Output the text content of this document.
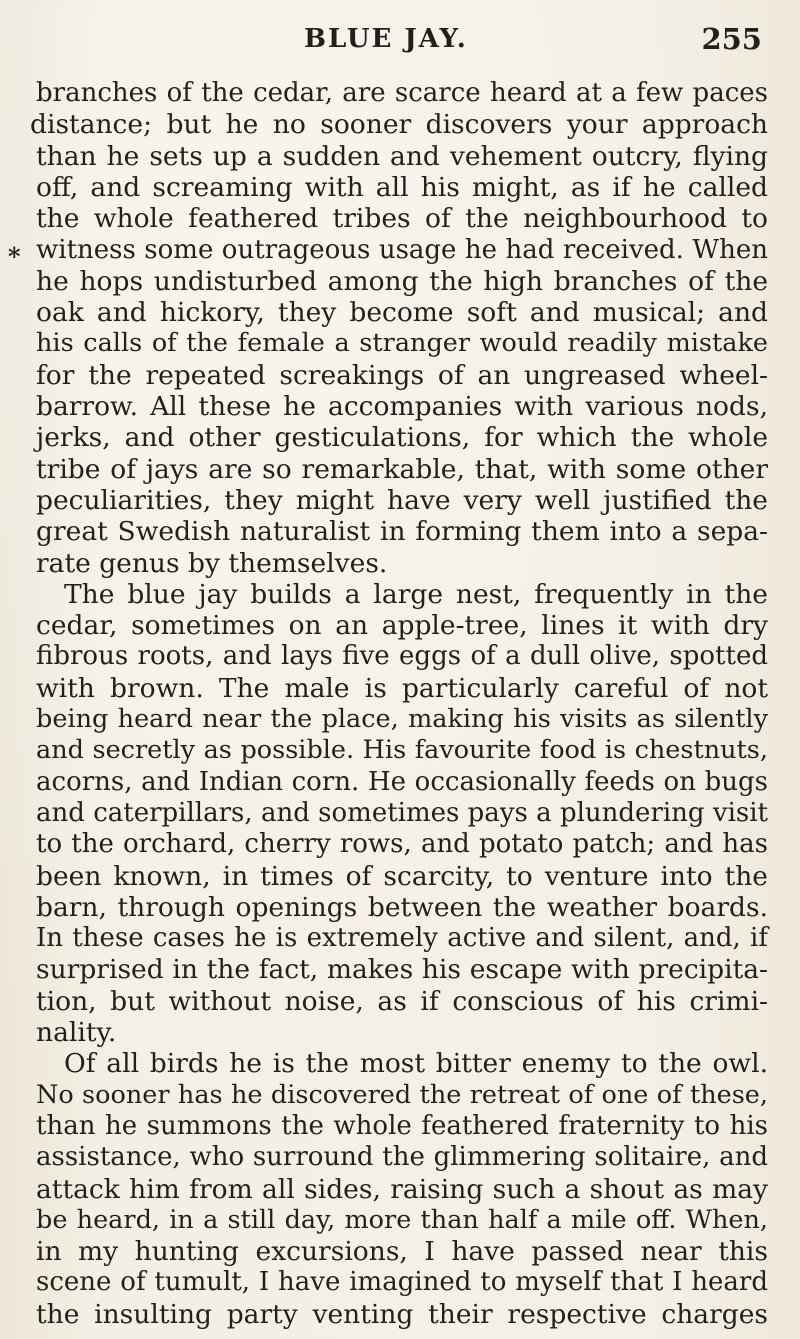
BLUE JAY.	255
*
branches of the cedar, are scarce heard at a few paces
distance; but he no sooner discovers your approach
than he sets up a sudden and vehement outcry, flying
off, and screaming with all his might, as if he called
the whole feathered tribes of the neighbourhood to
witness some outrageous usage he had received. When
he hops undisturbed among the high branches of the
oak and hickory, they become soft and musical; and
his calls of the female a stranger would readily mistake
for the repeated screakings of an ungreased wheel-
barrow. All these he accompanies with various nods,
jerks, and other gesticulations, for which the whole
tribe of jays are so remarkable, that, with some other
peculiarities, they might have very well justified the
great Swedish naturalist in forming them into a sepa-
rate genus by themselves.
The blue jay builds a large nest, frequently in the
cedar, sometimes on an apple-tree, lines it with dry
fibrous roots, and lays five eggs of a dull olive, spotted
with brown. The male is particularly careful of not
being heard near the place, making his visits as silently
and secretly as possible. His favourite food is chestnuts,
acorns, and Indian corn. He occasionally feeds on bugs
and caterpillars, and sometimes pays a plundering visit
to the orchard, cherry rows, and potato patch; and has
been known, in times of scarcity, to venture into the
barn, through openings between the weather boards.
In these cases he is extremely active and silent, and, if
surprised in the fact, makes his escape with precipita-
tion, but without noise, as if conscious of his crimi-
nality.
Of all birds he is the most bitter enemy to the owl.
No sooner has he discovered the retreat of one of these,
than he summons the whole feathered fraternity to his
assistance, who surround the glimmering solitaire, and
attack him from all sides, raising such a shout as may
be heard, in a still day, more than half a mile off. When,
in my hunting excursions, I have passed near this
scene of tumult, I have imagined to myself that I heard
the insulting party venting their respective charges
